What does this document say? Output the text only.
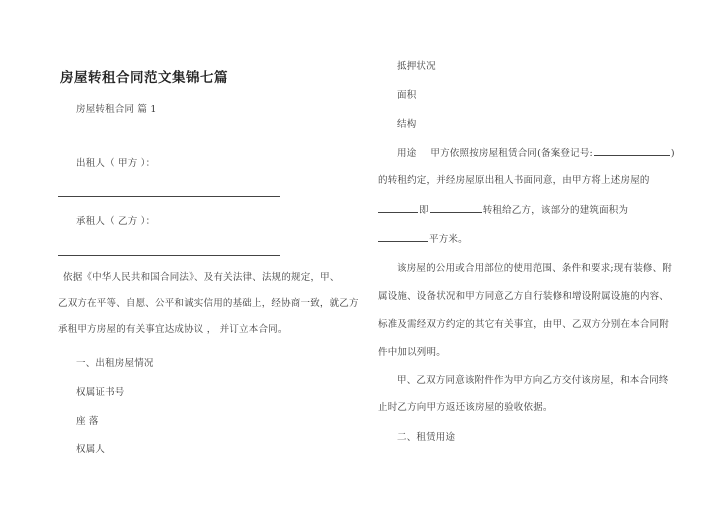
房屋转租合同范文集锦七篇
房屋转租合同 篇 1
出租人（ 甲方 ）：
承租人（ 乙方 ）：
依据《中华人民共和国合同法》、及有关法律、法规的规定，甲、
乙双方在平等、自愿、公平和诚实信用的基础上，经协商一致，就乙方
承租甲方房屋的有关事宜达成协议 ， 并订立本合同。
一、出租房屋情况
权属证书号
座 落
权属人
抵押状况
面积
结构
用途 甲方依照按房屋租赁合同(备案登记号:	)
的转租约定，并经房屋原出租人书面同意，由甲方将上述房屋的
即	转租给乙方，该部分的建筑面积为
平方米。
该房屋的公用或合用部位的使用范围、条件和要求;现有装修、附
属设施、设备状况和甲方同意乙方自行装修和增设附属设施的内容、
标准及需经双方约定的其它有关事宜，由甲、乙双方分别在本合同附
件中加以列明。
甲、乙双方同意该附件作为甲方向乙方交付该房屋，和本合同终
止时乙方向甲方返还该房屋的验收依据。
二、租赁用途
